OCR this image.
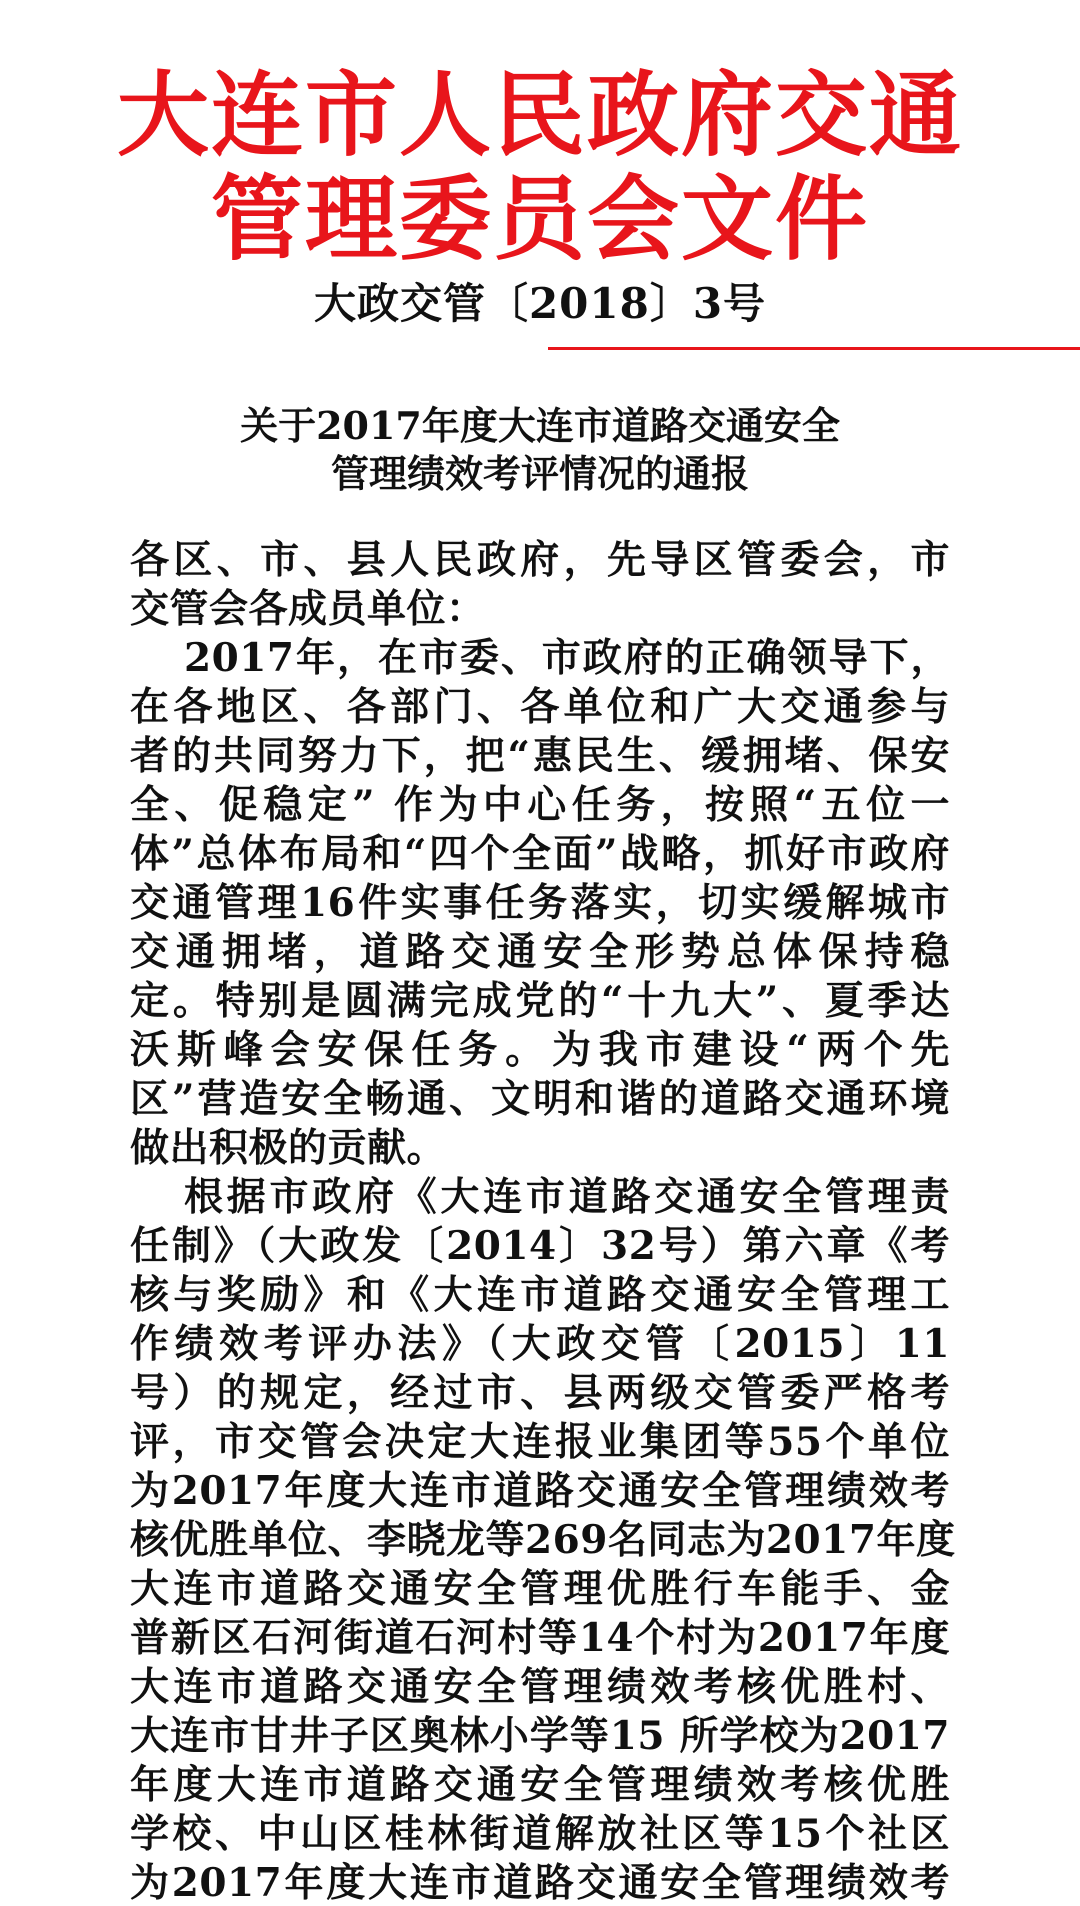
大连市人民政府交通
管理委员会文件
大政交管〔2018〕3号
关于2017年度大连市道路交通安全
管理绩效考评情况的通报
各区、市、县人民政府，先导区管委会，市
交管会各成员单位：
2017年，在市委、市政府的正确领导下，
在各地区、各部门、各单位和广大交通参与
者的共同努力下，把“惠民生、缓拥堵、保安
全、促稳定” 作为中心任务，按照“五位一
体”总体布局和“四个全面”战略，抓好市政府
交通管理16件实事任务落实，切实缓解城市
交通拥堵，道路交通安全形势总体保持稳
定。特别是圆满完成党的“十九大”、夏季达
沃斯峰会安保任务。为我市建设“两个先
区”营造安全畅通、文明和谐的道路交通环境
做出积极的贡献。
根据市政府《大连市道路交通安全管理责
任制》（大政发〔2014〕32号）第六章《考
核与奖励》和《大连市道路交通安全管理工
作绩效考评办法》（大政交管〔2015〕11
号）的规定，经过市、县两级交管委严格考
评，市交管会决定大连报业集团等55个单位
为2017年度大连市道路交通安全管理绩效考
核优胜单位、李晓龙等269名同志为2017年度
大连市道路交通安全管理优胜行车能手、金
普新区石河街道石河村等14个村为2017年度
大连市道路交通安全管理绩效考核优胜村、
大连市甘井子区奥林小学等15 所学校为2017
年度大连市道路交通安全管理绩效考核优胜
学校、中山区桂林街道解放社区等15个社区
为2017年度大连市道路交通安全管理绩效考
